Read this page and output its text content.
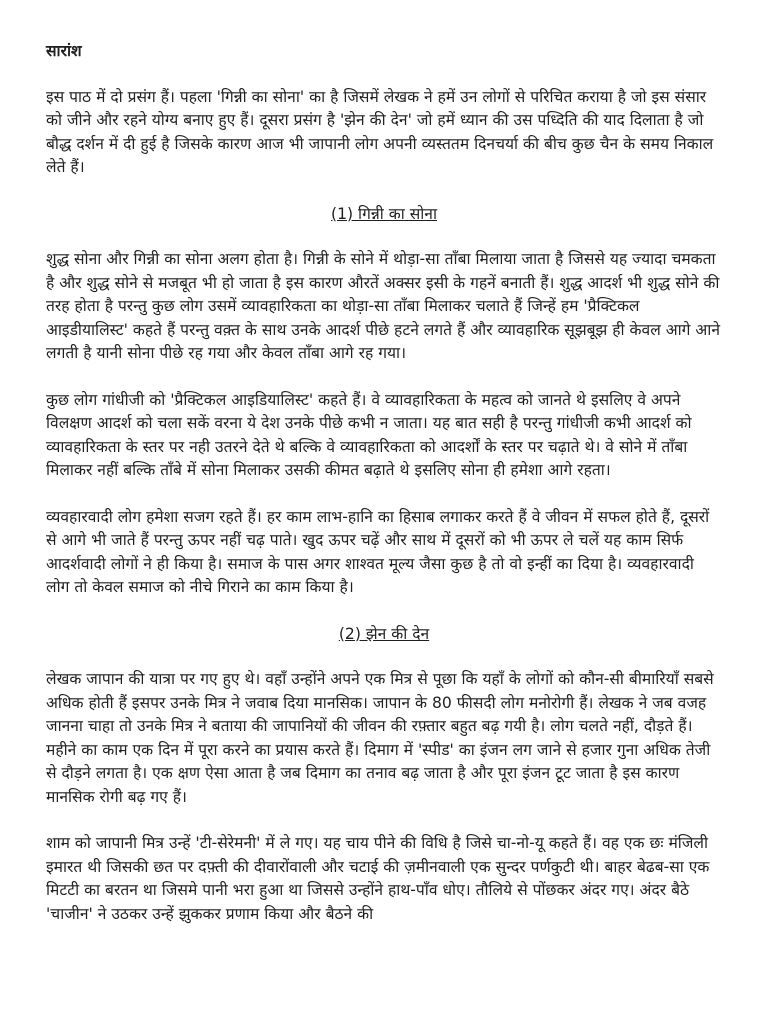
सारांश

इस पाठ में दो प्रसंग हैं। पहला 'गिन्नी का सोना' का है जिसमें लेखक ने हमें उन लोगों से परिचित कराया है जो इस संसार को जीने और रहने योग्य बनाए हुए हैं। दूसरा प्रसंग है 'झेन की देन' जो हमें ध्यान की उस पध्दिति की याद दिलाता है जो बौद्ध दर्शन में दी हुई है जिसके कारण आज भी जापानी लोग अपनी व्यस्ततम दिनचर्या की बीच कुछ चैन के समय निकाल लेते हैं।

(1) गिन्नी का सोना

शुद्ध सोना और गिन्नी का सोना अलग होता है। गिन्नी के सोने में थोड़ा-सा ताँबा मिलाया जाता है जिससे यह ज्यादा चमकता है और शुद्ध सोने से मजबूत भी हो जाता है इस कारण औरतें अक्सर इसी के गहनें बनाती हैं। शुद्ध आदर्श भी शुद्ध सोने की तरह होता है परन्तु कुछ लोग उसमें व्यावहारिकता का थोड़ा-सा ताँबा मिलाकर चलाते हैं जिन्हें हम 'प्रैक्टिकल आइडीयालिस्ट' कहते हैं परन्तु वक़्त के साथ उनके आदर्श पीछे हटने लगते हैं और व्यावहारिक सूझबूझ ही केवल आगे आने लगती है यानी सोना पीछे रह गया और केवल ताँबा आगे रह गया।

कुछ लोग गांधीजी को 'प्रैक्टिकल आइडियालिस्ट' कहते हैं। वे व्यावहारिकता के महत्व को जानते थे इसलिए वे अपने विलक्षण आदर्श को चला सकें वरना ये देश उनके पीछे कभी न जाता। यह बात सही है परन्तु गांधीजी कभी आदर्श को व्यावहारिकता के स्तर पर नही उतरने देते थे बल्कि वे व्यावहारिकता को आदर्शों के स्तर पर चढ़ाते थे। वे सोने में ताँबा मिलाकर नहीं बल्कि ताँबे में सोना मिलाकर उसकी कीमत बढ़ाते थे इसलिए सोना ही हमेशा आगे रहता।

व्यवहारवादी लोग हमेशा सजग रहते हैं। हर काम लाभ-हानि का हिसाब लगाकर करते हैं वे जीवन में सफल होते हैं, दूसरों से आगे भी जाते हैं परन्तु ऊपर नहीं चढ़ पाते। खुद ऊपर चढ़ें और साथ में दूसरों को भी ऊपर ले चलें यह काम सिर्फ आदर्शवादी लोगों ने ही किया है। समाज के पास अगर शाश्वत मूल्य जैसा कुछ है तो वो इन्हीं का दिया है। व्यवहारवादी लोग तो केवल समाज को नीचे गिराने का काम किया है।

(2) झेन की देन

लेखक जापान की यात्रा पर गए हुए थे। वहाँ उन्होंने अपने एक मित्र से पूछा कि यहाँ के लोगों को कौन-सी बीमारियाँ सबसे अधिक होती हैं इसपर उनके मित्र ने जवाब दिया मानसिक। जापान के 80 फीसदी लोग मनोरोगी हैं। लेखक ने जब वजह जानना चाहा तो उनके मित्र ने बताया की जापानियों की जीवन की रफ़्तार बहुत बढ़ गयी है। लोग चलते नहीं, दौड़ते हैं। महीने का काम एक दिन में पूरा करने का प्रयास करते हैं। दिमाग में 'स्पीड' का इंजन लग जाने से हजार गुना अधिक तेजी से दौड़ने लगता है। एक क्षण ऐसा आता है जब दिमाग का तनाव बढ़ जाता है और पूरा इंजन टूट जाता है इस कारण मानसिक रोगी बढ़ गए हैं।

शाम को जापानी मित्र उन्हें 'टी-सेरेमनी' में ले गए। यह चाय पीने की विधि है जिसे चा-नो-यू कहते हैं। वह एक छः मंजिली इमारत थी जिसकी छत पर दफ़्ती की दीवारोंवाली और चटाई की ज़मीनवाली एक सुन्दर पर्णकुटी थी। बाहर बेढब-सा एक मिटटी का बरतन था जिसमे पानी भरा हुआ था जिससे उन्होंने हाथ-पाँव धोए। तौलिये से पोंछकर अंदर गए। अंदर बैठे 'चाजीन' ने उठकर उन्हें झुककर प्रणाम किया और बैठने की
